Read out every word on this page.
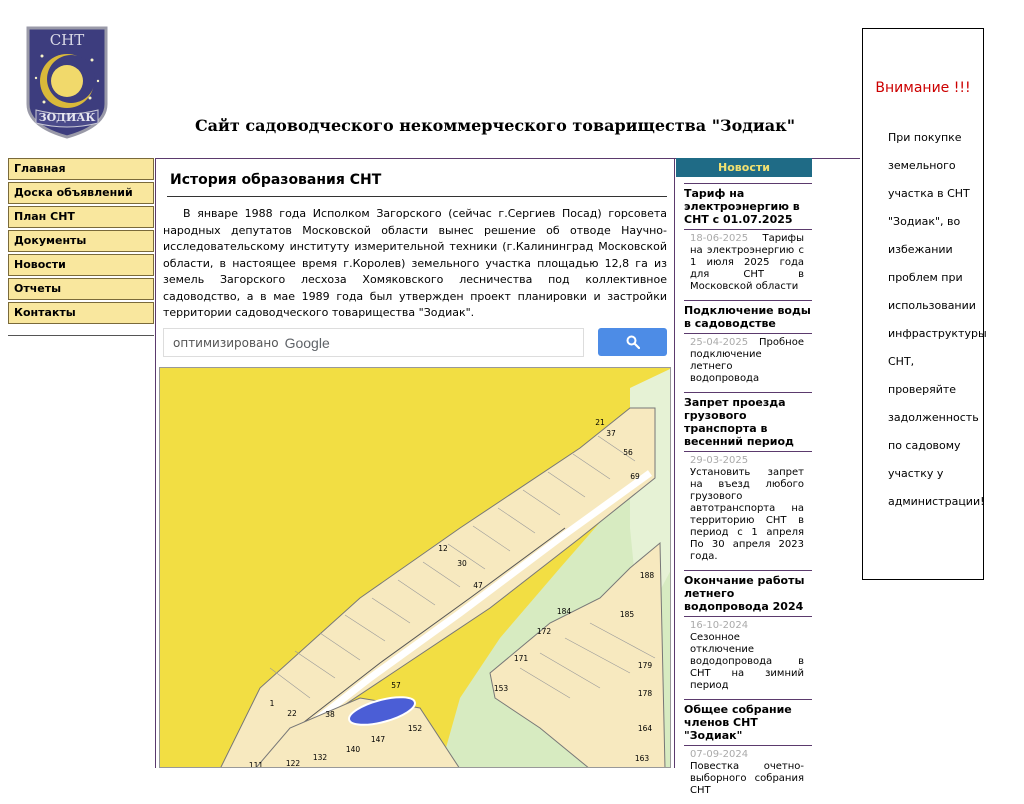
СНТ
ЗОДИАК	Сайт садоводческого некоммерческого товарищества "Зодиак"
Внимание !!!
При покупке земельного участка в СНТ "Зодиак", во избежании проблем при использовании инфраструктуры СНТ, проверяйте задолженность по садовому участку у администрации!
Главная
Доска объявлений
План СНТ
Документы
Новости
Отчеты
Контакты
История образования СНТ

В январе 1988 года Исполком Загорского (сейчас г.Сергиев Посад) горсовета народных депутатов Московской области вынес решение об отводе Научно-исследовательскому институту измерительной техники (г.Калининград Московской области, в настоящее время г.Королев) земельного участка площадью 12,8 га из земель Загорского лесхоза Хомяковского лесничества под коллективное садоводство, а в мае 1989 года был утвержден проект планировки и застройки территории садоводческого товарищества "Зодиак".

оптимизировано Google
21
37
56
69
12
30
47
1
22	38
57
188
185
184
172
171
153
179
178
164
163
152
147
140
132
122
111
Новости
Тариф на электроэнергию в СНТ с 01.07.2025
18-06-2025 Тарифы на электроэнергию с 1 июля 2025 года для СНТ в Московской области
Подключение воды в садоводстве
25-04-2025 Пробное подключение летнего водопровода
Запрет проезда грузового транспорта в весенний период
29-03-2025
Установить запрет на въезд любого грузового автотранспорта на территорию СНТ в период с 1 апреля По 30 апреля 2023 года.
Окончание работы летнего водопровода 2024
16-10-2024
Сезонное отключение вододопровода в СНТ на зимний период
Общее собрание членов СНТ "Зодиак"
07-09-2024
Повестка очетно-выборного собрания СНТ
